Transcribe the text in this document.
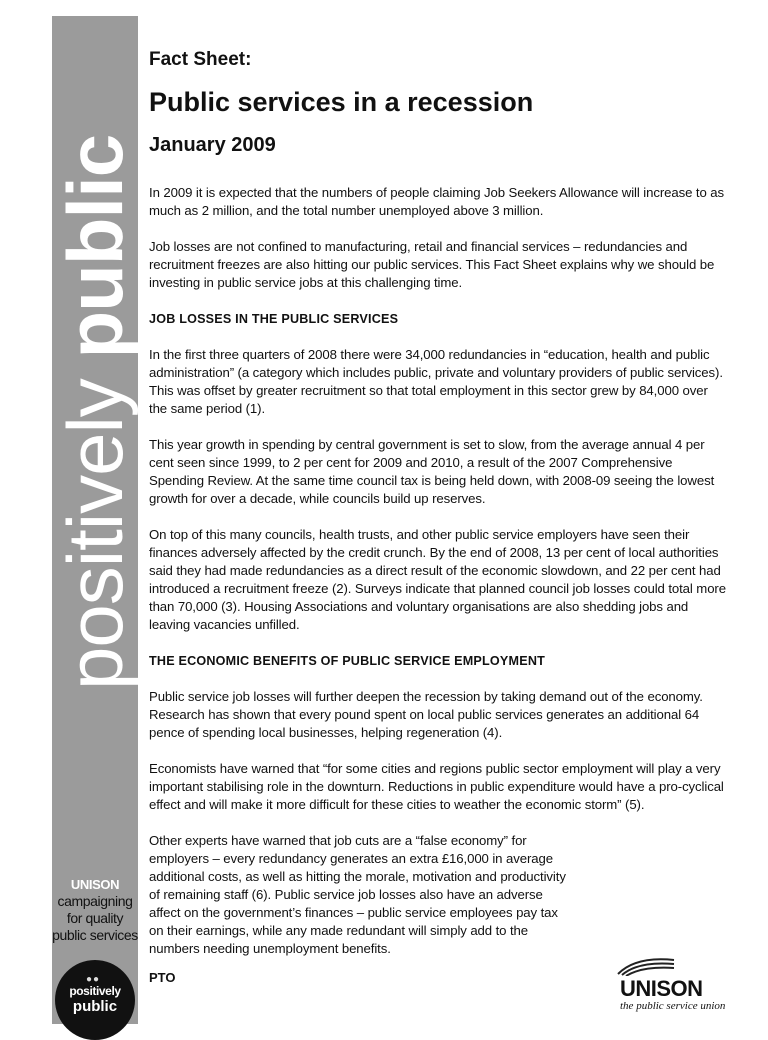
positively public
UNISON
campaigning
for quality
public services
●●
positively
public

Fact Sheet:

Public services in a recession

January 2009

In 2009 it is expected that the numbers of people claiming Job Seekers Allowance will increase to as much as 2 million, and the total number unemployed above 3 million.

Job losses are not confined to manufacturing, retail and financial services – redundancies and recruitment freezes are also hitting our public services. This Fact Sheet explains why we should be investing in public service jobs at this challenging time.

JOB LOSSES IN THE PUBLIC SERVICES

In the first three quarters of 2008 there were 34,000 redundancies in “education, health and public administration” (a category which includes public, private and voluntary providers of public services). This was offset by greater recruitment so that total employment in this sector grew by 84,000 over the same period (1).

This year growth in spending by central government is set to slow, from the average annual 4 per cent seen since 1999, to 2 per cent for 2009 and 2010, a result of the 2007 Comprehensive Spending Review. At the same time council tax is being held down, with 2008-09 seeing the lowest growth for over a decade, while councils build up reserves.

On top of this many councils, health trusts, and other public service employers have seen their finances adversely affected by the credit crunch. By the end of 2008, 13 per cent of local authorities said they had made redundancies as a direct result of the economic slowdown, and 22 per cent had introduced a recruitment freeze (2). Surveys indicate that planned council job losses could total more than 70,000 (3). Housing Associations and voluntary organisations are also shedding jobs and leaving vacancies unfilled.

THE ECONOMIC BENEFITS OF PUBLIC SERVICE EMPLOYMENT

Public service job losses will further deepen the recession by taking demand out of the economy. Research has shown that every pound spent on local public services generates an additional 64 pence of spending local businesses, helping regeneration (4).

Economists have warned that “for some cities and regions public sector employment will play a very important stabilising role in the downturn. Reductions in public expenditure would have a pro-cyclical effect and will make it more difficult for these cities to weather the economic storm” (5).

Other experts have warned that job cuts are a “false economy” for employers – every redundancy generates an extra £16,000 in average additional costs, as well as hitting the morale, motivation and productivity of remaining staff (6). Public service job losses also have an adverse affect on the government’s finances – public service employees pay tax on their earnings, while any made redundant will simply add to the numbers needing unemployment benefits.

PTO	UNISON
the public service union
